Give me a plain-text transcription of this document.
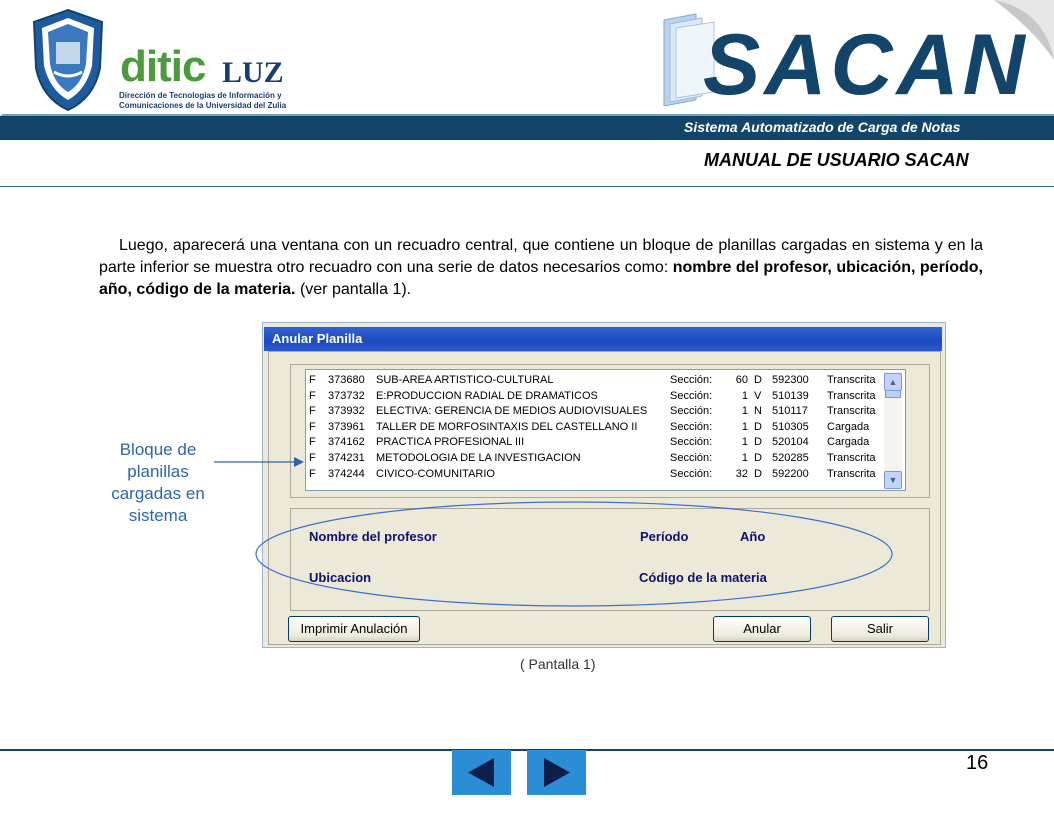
ditic LUZ
Dirección de Tecnologías de Información y
Comunicaciones de la Universidad del Zulia	SACAN
Sistema Automatizado de Carga de Notas
MANUAL DE USUARIO SACAN

Luego, aparecerá una ventana con un recuadro central, que contiene un bloque de planillas cargadas en sistema y en la parte inferior se muestra otro recuadro con una serie de datos necesarios como: nombre del profesor, ubicación, período, año, código de la materia. (ver pantalla 1).

Anular Planilla
F 373680 SUB-AREA ARTISTICO-CULTURAL	Sección:	60 D 592300 Transcrita
F 373732 E:PRODUCCION RADIAL DE DRAMATICOS	Sección:	1 V 510139 Transcrita
F 373932 ELECTIVA: GERENCIA DE MEDIOS AUDIOVISUALES Sección:	1 N 510117 Transcrita
F 373961 TALLER DE MORFOSINTAXIS DEL CASTELLANO II	Sección:	1 D 510305 Cargada
F 374162 PRACTICA PROFESIONAL III	Sección:	1 D 520104 Cargada
F 374231 METODOLOGIA DE LA INVESTIGACION	Sección:	1 D 520285 Transcrita
F 374244 CIVICO-COMUNITARIO	Sección:	32 D 592200 Transcrita
▲
▼
Nombre del profesor	Período	Año
Ubicacion	Código de la materia
Imprimir Anulación	Anular	Salir
( Pantalla 1)
Bloque de planillas cargadas en sistema
16
